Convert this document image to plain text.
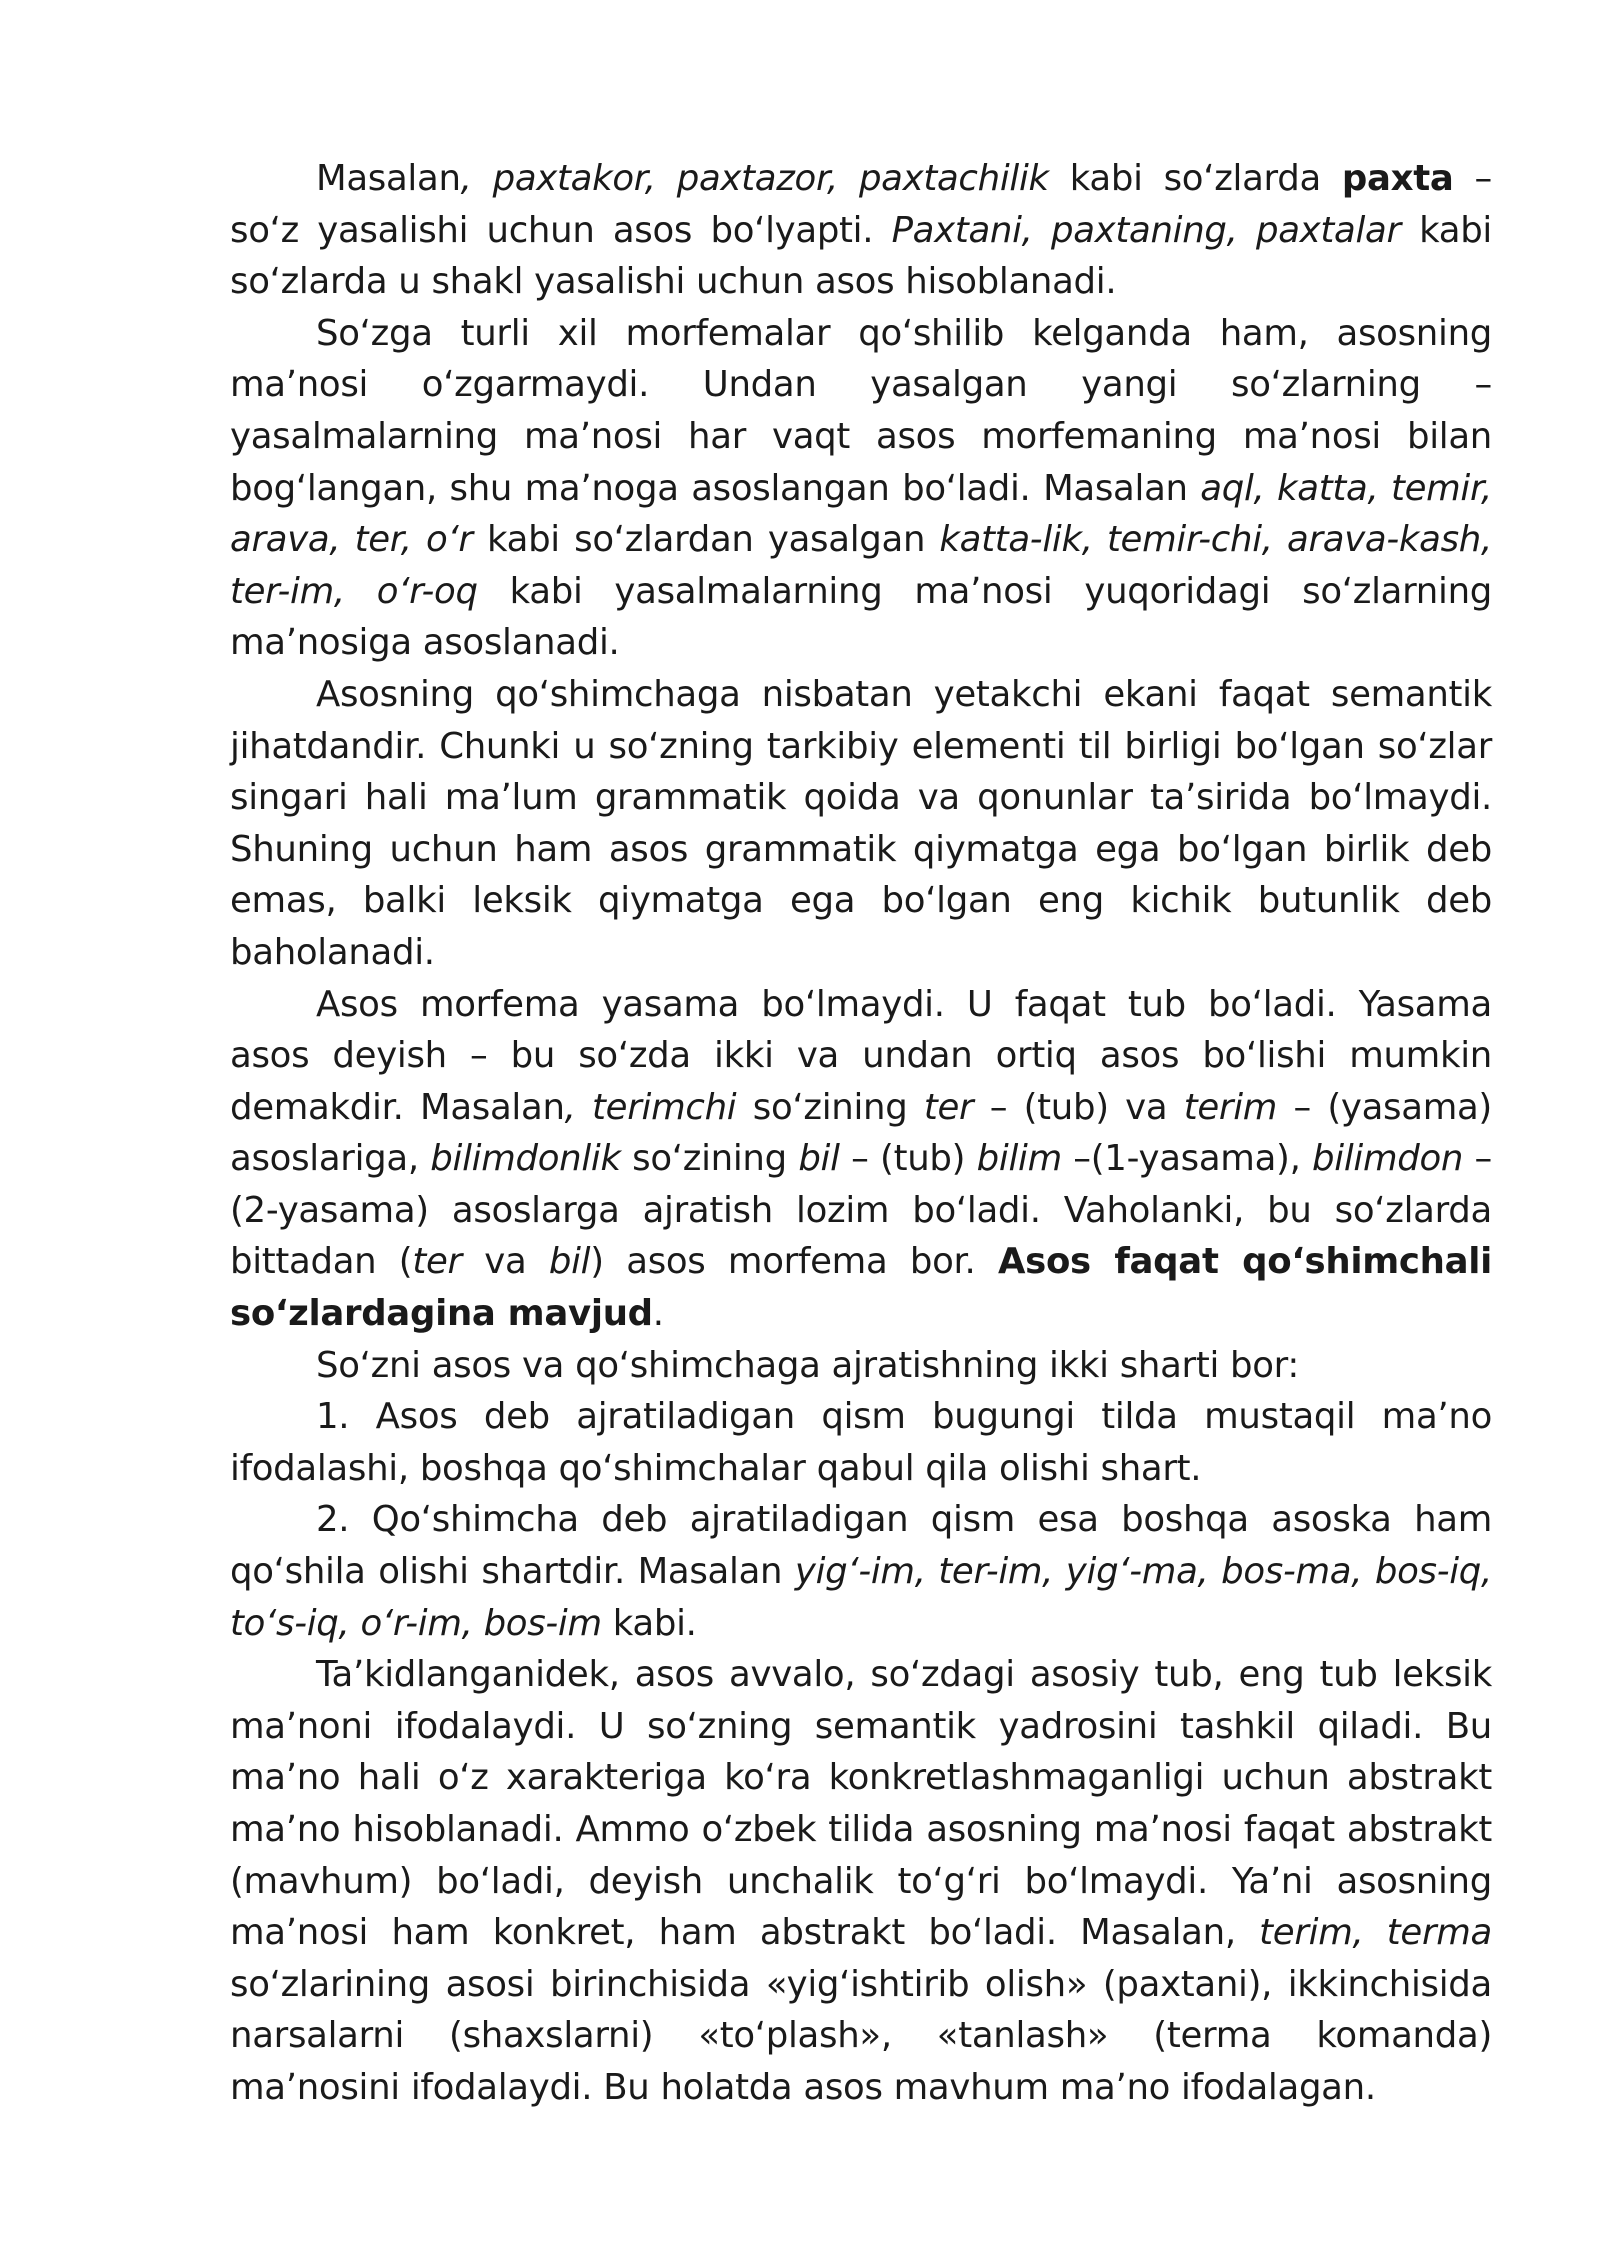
Masalan, paxtakor, paxtazor, paxtachilik kabi so‘zlarda paxta – so‘z yasalishi uchun asos bo‘lyapti. Paxtani, paxtaning, paxtalar kabi so‘zlarda u shakl yasalishi uchun asos hisoblanadi.

So‘zga turli xil morfemalar qo‘shilib kelganda ham, asosning ma’nosi o‘zgarmaydi. Undan yasalgan yangi so‘zlarning – yasalmalarning ma’nosi har vaqt asos morfemaning ma’nosi bilan bog‘langan, shu ma’noga asoslangan bo‘ladi. Masalan aql, katta, temir, arava, ter, o‘r kabi so‘zlardan yasalgan katta-lik, temir-chi, arava-kash, ter-im, o‘r-oq kabi yasalmalarning ma’nosi yuqoridagi so‘zlarning ma’nosiga asoslanadi.

Asosning qo‘shimchaga nisbatan yetakchi ekani faqat semantik jihatdandir. Chunki u so‘zning tarkibiy elementi til birligi bo‘lgan so‘zlar singari hali ma’lum grammatik qoida va qonunlar ta’sirida bo‘lmaydi. Shuning uchun ham asos grammatik qiymatga ega bo‘lgan birlik deb emas, balki leksik qiymatga ega bo‘lgan eng kichik butunlik deb baholanadi.

Asos morfema yasama bo‘lmaydi. U faqat tub bo‘ladi. Yasama asos deyish – bu so‘zda ikki va undan ortiq asos bo‘lishi mumkin demakdir. Masalan, terimchi so‘zining ter – (tub) va terim – (yasama) asoslariga, bilimdonlik so‘zining bil – (tub) bilim –(1-yasama), bilimdon – (2-yasama) asoslarga ajratish lozim bo‘ladi. Vaholanki, bu so‘zlarda bittadan (ter va bil) asos morfema bor. Asos faqat qo‘shimchali so‘zlardagina mavjud.

So‘zni asos va qo‘shimchaga ajratishning ikki sharti bor:

1. Asos deb ajratiladigan qism bugungi tilda mustaqil ma’no ifodalashi, boshqa qo‘shimchalar qabul qila olishi shart.

2. Qo‘shimcha deb ajratiladigan qism esa boshqa asoska ham qo‘shila olishi shartdir. Masalan yig‘-im, ter-im, yig‘-ma, bos-ma, bos-iq, to‘s-iq, o‘r-im, bos-im kabi.

Ta’kidlanganidek, asos avvalo, so‘zdagi asosiy tub, eng tub leksik ma’noni ifodalaydi. U so‘zning semantik yadrosini tashkil qiladi. Bu ma’no hali o‘z xarakteriga ko‘ra konkretlashmaganligi uchun abstrakt ma’no hisoblanadi. Ammo o‘zbek tilida asosning ma’nosi faqat abstrakt (mavhum) bo‘ladi, deyish unchalik to‘g‘ri bo‘lmaydi. Ya’ni asosning ma’nosi ham konkret, ham abstrakt bo‘ladi. Masalan, terim, terma so‘zlarining asosi birinchisida «yig‘ishtirib olish» (paxtani), ikkinchisida narsalarni (shaxslarni) «to‘plash», «tanlash» (terma komanda) ma’nosini ifodalaydi. Bu holatda asos mavhum ma’no ifodalagan.
